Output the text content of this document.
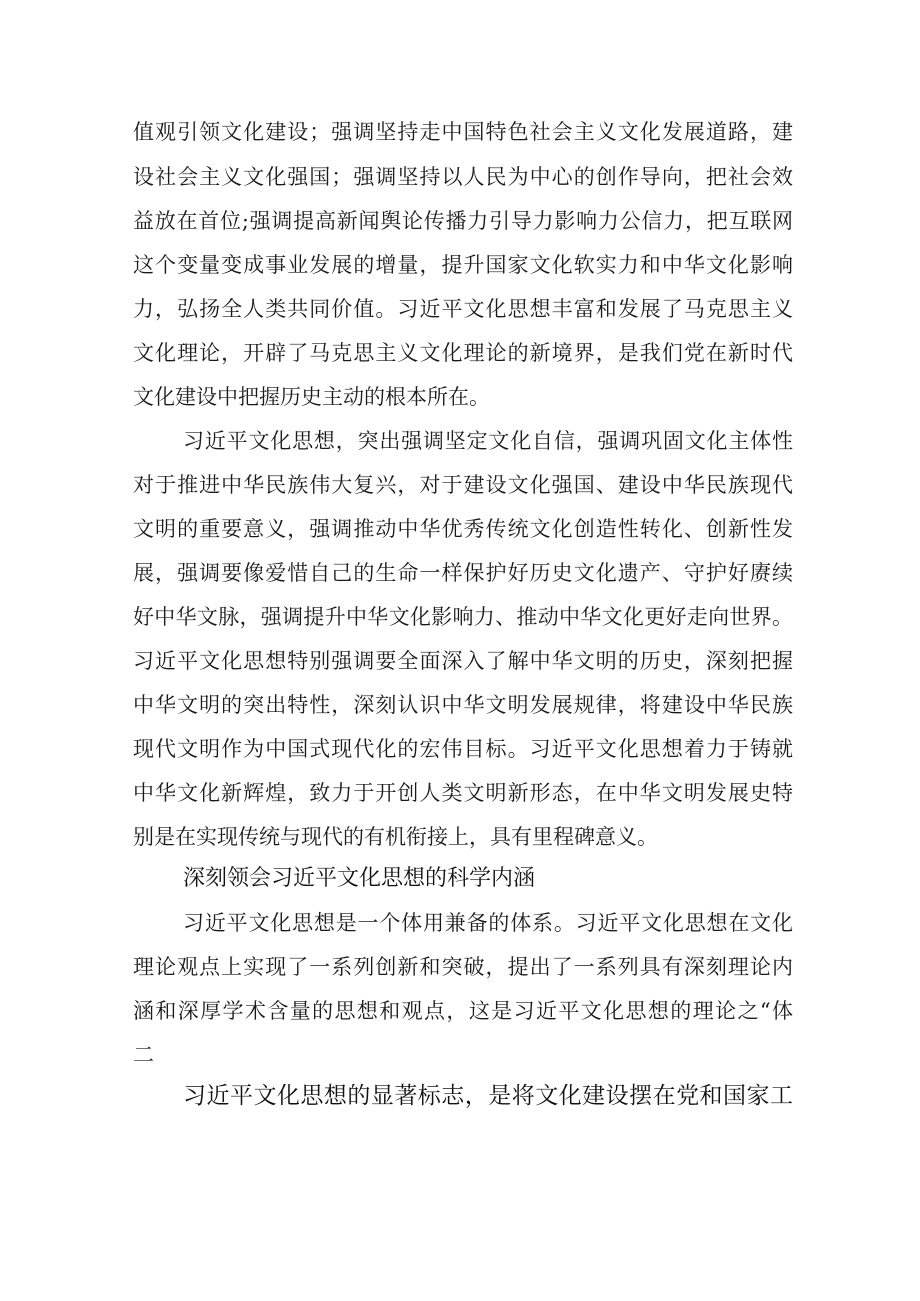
值观引领文化建设；强调坚持走中国特色社会主义文化发展道路，建
设社会主义文化强国；强调坚持以人民为中心的创作导向，把社会效
益放在首位;强调提高新闻舆论传播力引导力影响力公信力，把互联网
这个变量变成事业发展的增量，提升国家文化软实力和中华文化影响
力，弘扬全人类共同价值。习近平文化思想丰富和发展了马克思主义
文化理论，开辟了马克思主义文化理论的新境界，是我们党在新时代
文化建设中把握历史主动的根本所在。
习近平文化思想，突出强调坚定文化自信，强调巩固文化主体性
对于推进中华民族伟大复兴，对于建设文化强国、建设中华民族现代
文明的重要意义，强调推动中华优秀传统文化创造性转化、创新性发
展，强调要像爱惜自己的生命一样保护好历史文化遗产、守护好赓续
好中华文脉，强调提升中华文化影响力、推动中华文化更好走向世界。
习近平文化思想特别强调要全面深入了解中华文明的历史，深刻把握
中华文明的突出特性，深刻认识中华文明发展规律，将建设中华民族
现代文明作为中国式现代化的宏伟目标。习近平文化思想着力于铸就
中华文化新辉煌，致力于开创人类文明新形态，在中华文明发展史特
别是在实现传统与现代的有机衔接上，具有里程碑意义。
深刻领会习近平文化思想的科学内涵
习近平文化思想是一个体用兼备的体系。习近平文化思想在文化
理论观点上实现了一系列创新和突破，提出了一系列具有深刻理论内
涵和深厚学术含量的思想和观点，这是习近平文化思想的理论之“体
二
习近平文化思想的显著标志，是将文化建设摆在党和国家工
